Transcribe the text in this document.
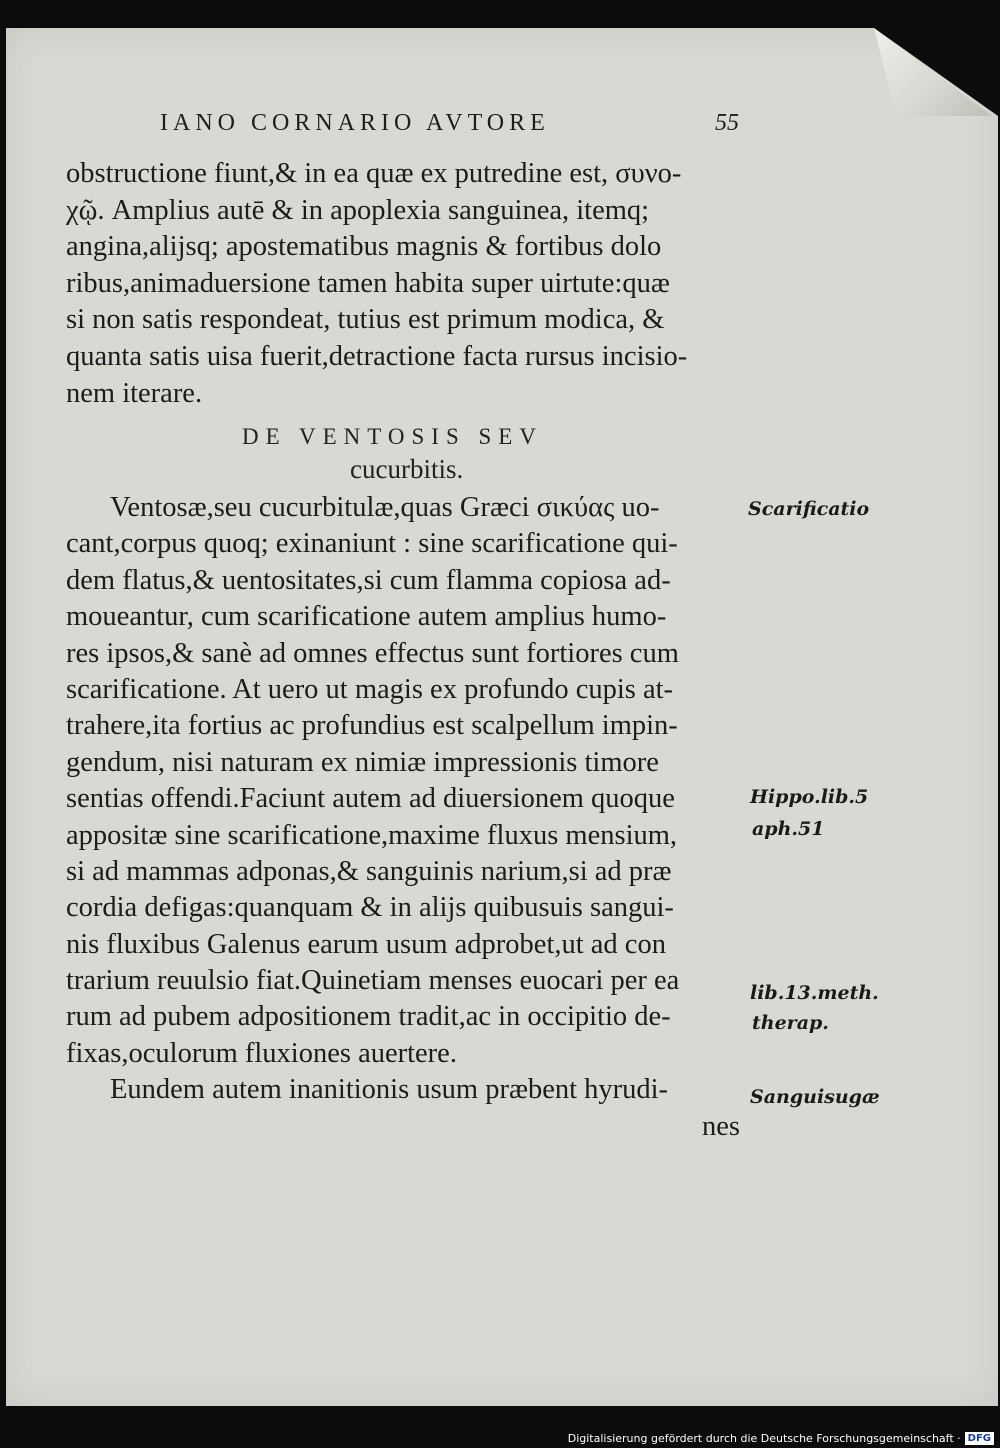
IANO CORNARIO AVTORE	55
obstructione fiunt,& in ea quæ ex putredine est, συνο-
χῷ. Amplius autē & in apoplexia sanguinea, itemq;
angina,alijsq; apostematibus magnis & fortibus dolo
ribus,animaduersione tamen habita super uirtute:quæ
si non satis respondeat, tutius est primum modica, &
quanta satis uisa fuerit,detractione facta rursus incisio-
nem iterare.
DE VENTOSIS SEV
cucurbitis.
Ventosæ,seu cucurbitulæ,quas Græci σικύας uo-
cant,corpus quoq; exinaniunt : sine scarificatione qui-
dem flatus,& uentositates,si cum flamma copiosa ad-
moueantur, cum scarificatione autem amplius humo-
res ipsos,& sanè ad omnes effectus sunt fortiores cum
scarificatione. At uero ut magis ex profundo cupis at-
trahere,ita fortius ac profundius est scalpellum impin-
gendum, nisi naturam ex nimiæ impressionis timore
sentias offendi.Faciunt autem ad diuersionem quoque
appositæ sine scarificatione,maxime fluxus mensium,
si ad mammas adponas,& sanguinis narium,si ad præ
cordia defigas:quanquam & in alijs quibusuis sangui-
nis fluxibus Galenus earum usum adprobet,ut ad con
trarium reuulsio fiat.Quinetiam menses euocari per ea
rum ad pubem adpositionem tradit,ac in occipitio de-
fixas,oculorum fluxiones auertere.
Eundem autem inanitionis usum præbent hyrudi-
nes
Scarificatio
Hippo.lib.5
aph.51
lib.13.meth.
therap.
Sanguisugæ
Digitalisierung gefördert durch die Deutsche Forschungsgemeinschaft · DFG
